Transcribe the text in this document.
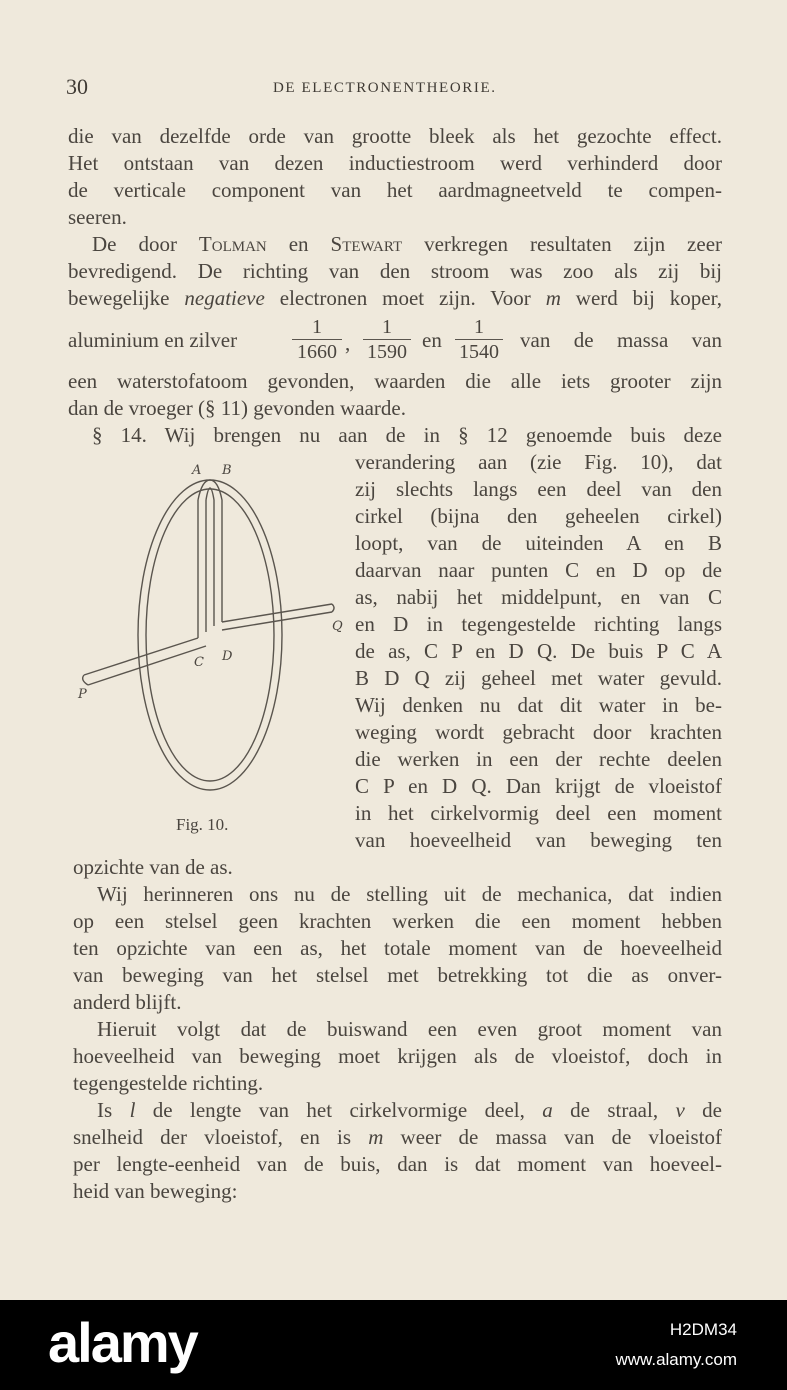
30	DE ELECTRONENTHEORIE.
die van dezelfde orde van grootte bleek als het gezochte effect.
Het ontstaan van dezen inductiestroom werd verhinderd door
de verticale component van het aardmagneetveld te compen-
seeren.
De door Tolman en Stewart verkregen resultaten zijn zeer
bevredigend. De richting van den stroom was zoo als zij bij
bewegelijke negatieve electronen moet zijn. Voor m werd bij koper,
aluminium en zilver
1
1660 ,
1
1590 en
1
1540 van de massa van
een waterstofatoom gevonden, waarden die alle iets grooter zijn
dan de vroeger (§ 11) gevonden waarde.
§ 14. Wij brengen nu aan de in § 12 genoemde buis deze
verandering aan (zie Fig. 10), dat
zij slechts langs een deel van den
cirkel (bijna den geheelen cirkel)
loopt, van de uiteinden A en B
daarvan naar punten C en D op de
as, nabij het middelpunt, en van C
en D in tegengestelde richting langs
de as, C P en D Q. De buis P C A
B D Q zij geheel met water gevuld.
Wij denken nu dat dit water in be-
weging wordt gebracht door krachten
die werken in een der rechte deelen
C P en D Q. Dan krijgt de vloeistof
in het cirkelvormig deel een moment
van hoeveelheid van beweging ten
opzichte van de as.
A B
C D
P
Q
Fig. 10.
Wij herinneren ons nu de stelling uit de mechanica, dat indien
op een stelsel geen krachten werken die een moment hebben
ten opzichte van een as, het totale moment van de hoeveelheid
van beweging van het stelsel met betrekking tot die as onver-
anderd blijft.
Hieruit volgt dat de buiswand een even groot moment van
hoeveelheid van beweging moet krijgen als de vloeistof, doch in
tegengestelde richting.
Is l de lengte van het cirkelvormige deel, a de straal, v de
snelheid der vloeistof, en is m weer de massa van de vloeistof
per lengte-eenheid van de buis, dan is dat moment van hoeveel-
heid van beweging:
alamy	H2DM34
www.alamy.com
